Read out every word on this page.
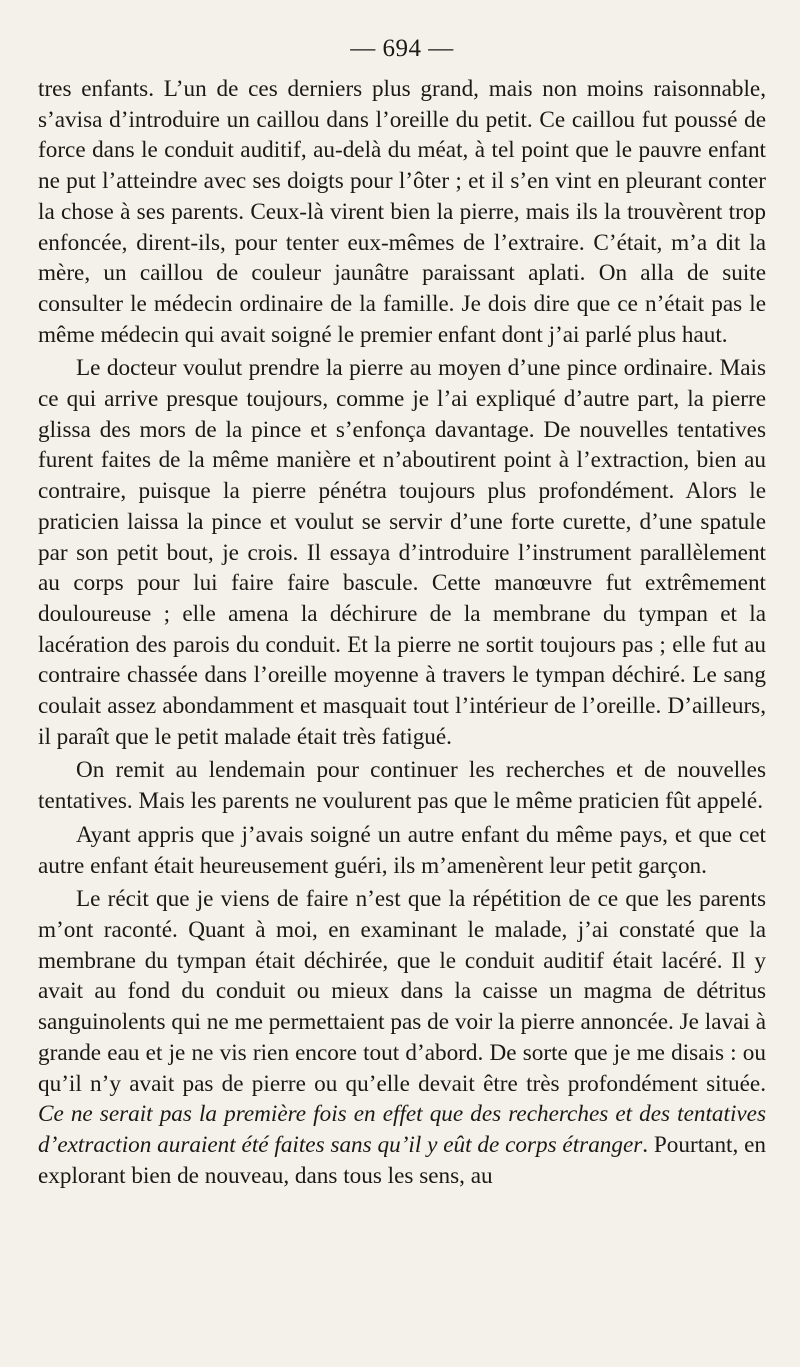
— 694 —

tres enfants. L’un de ces derniers plus grand, mais non moins raisonnable, s’avisa d’introduire un caillou dans l’oreille du petit. Ce caillou fut poussé de force dans le conduit auditif, au-delà du méat, à tel point que le pauvre enfant ne put l’atteindre avec ses doigts pour l’ôter ; et il s’en vint en pleurant conter la chose à ses parents. Ceux-là virent bien la pierre, mais ils la trouvèrent trop enfoncée, dirent-ils, pour tenter eux-mêmes de l’extraire. C’était, m’a dit la mère, un caillou de couleur jaunâtre paraissant aplati. On alla de suite consulter le médecin ordinaire de la famille. Je dois dire que ce n’était pas le même médecin qui avait soigné le premier enfant dont j’ai parlé plus haut.

Le docteur voulut prendre la pierre au moyen d’une pince ordinaire. Mais ce qui arrive presque toujours, comme je l’ai expliqué d’autre part, la pierre glissa des mors de la pince et s’enfonça davantage. De nouvelles tentatives furent faites de la même manière et n’aboutirent point à l’extraction, bien au contraire, puisque la pierre pénétra toujours plus profondément. Alors le praticien laissa la pince et voulut se servir d’une forte curette, d’une spatule par son petit bout, je crois. Il essaya d’introduire l’instrument parallèlement au corps pour lui faire faire bascule. Cette manœuvre fut extrêmement douloureuse ; elle amena la déchirure de la membrane du tympan et la lacération des parois du conduit. Et la pierre ne sortit toujours pas ; elle fut au contraire chassée dans l’oreille moyenne à travers le tympan déchiré. Le sang coulait assez abondamment et masquait tout l’intérieur de l’oreille. D’ailleurs, il paraît que le petit malade était très fatigué.

On remit au lendemain pour continuer les recherches et de nouvelles tentatives. Mais les parents ne voulurent pas que le même praticien fût appelé.

Ayant appris que j’avais soigné un autre enfant du même pays, et que cet autre enfant était heureusement guéri, ils m’amenèrent leur petit garçon.

Le récit que je viens de faire n’est que la répétition de ce que les parents m’ont raconté. Quant à moi, en examinant le malade, j’ai constaté que la membrane du tympan était déchirée, que le conduit auditif était lacéré. Il y avait au fond du conduit ou mieux dans la caisse un magma de détritus sanguinolents qui ne me permettaient pas de voir la pierre annoncée. Je lavai à grande eau et je ne vis rien encore tout d’abord. De sorte que je me disais : ou qu’il n’y avait pas de pierre ou qu’elle devait être très profondément située. Ce ne serait pas la première fois en effet que des recherches et des tentatives d’extraction auraient été faites sans qu’il y eût de corps étranger. Pourtant, en explorant bien de nouveau, dans tous les sens, au
